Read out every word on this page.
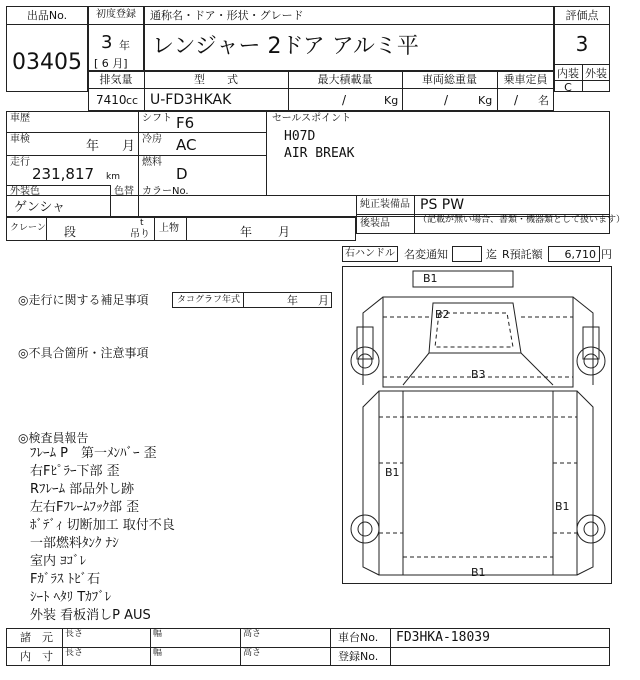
出品No.
03405
初度登録
3 年
[ 6 月]
通称名・ドア・形状・グレード
レンジャー 2ドア アルミ平
評価点
3
内装 外装
C
排気量	型　　式	最大積載量	車両総重量	乗車定員
7410 cc U-FD3HKAK	/	Kg	/	Kg / 名
車歴	シフト F6
車検	年 月 冷房 AC
走行
231,817 km
燃料
D
外装色
ゲンシャ
色替 カラーNo.
セールスポイント
H07D
AIR BREAK
純正装備品 PS PW
後装品	（記載が無い場合、書類・機器類として扱います）
クレーン 段
t
吊り
上物	年 月
右ハンドル 名変通知	迄 R預託額	6,710 円
◎走行に関する補足事項	タコグラフ年式	年 月
◎不具合箇所・注意事項
◎検査員報告
ﾌﾚｰﾑ P　第一ﾒﾝﾊﾞｰ 歪
右Fﾋﾟﾗｰ下部 歪
Rﾌﾚｰﾑ 部品外し跡
左右Fﾌﾚｰﾑﾌｯｸ部 歪
ﾎﾞﾃﾞｨ 切断加工 取付不良
一部燃料ﾀﾝｸ ﾅｼ
室内 ﾖｺﾞﾚ
Fｶﾞﾗｽ ﾄﾋﾞ石
ｼｰﾄ ﾍﾀﾘ Tｶﾌﾞﾚ
外装 看板消しP AUS
B1
B2
B3
B1
B1
B1
諸　元
内　寸
長さ	幅	高さ
長さ	幅	高さ
車台No. FD3HKA-18039
登録No.
